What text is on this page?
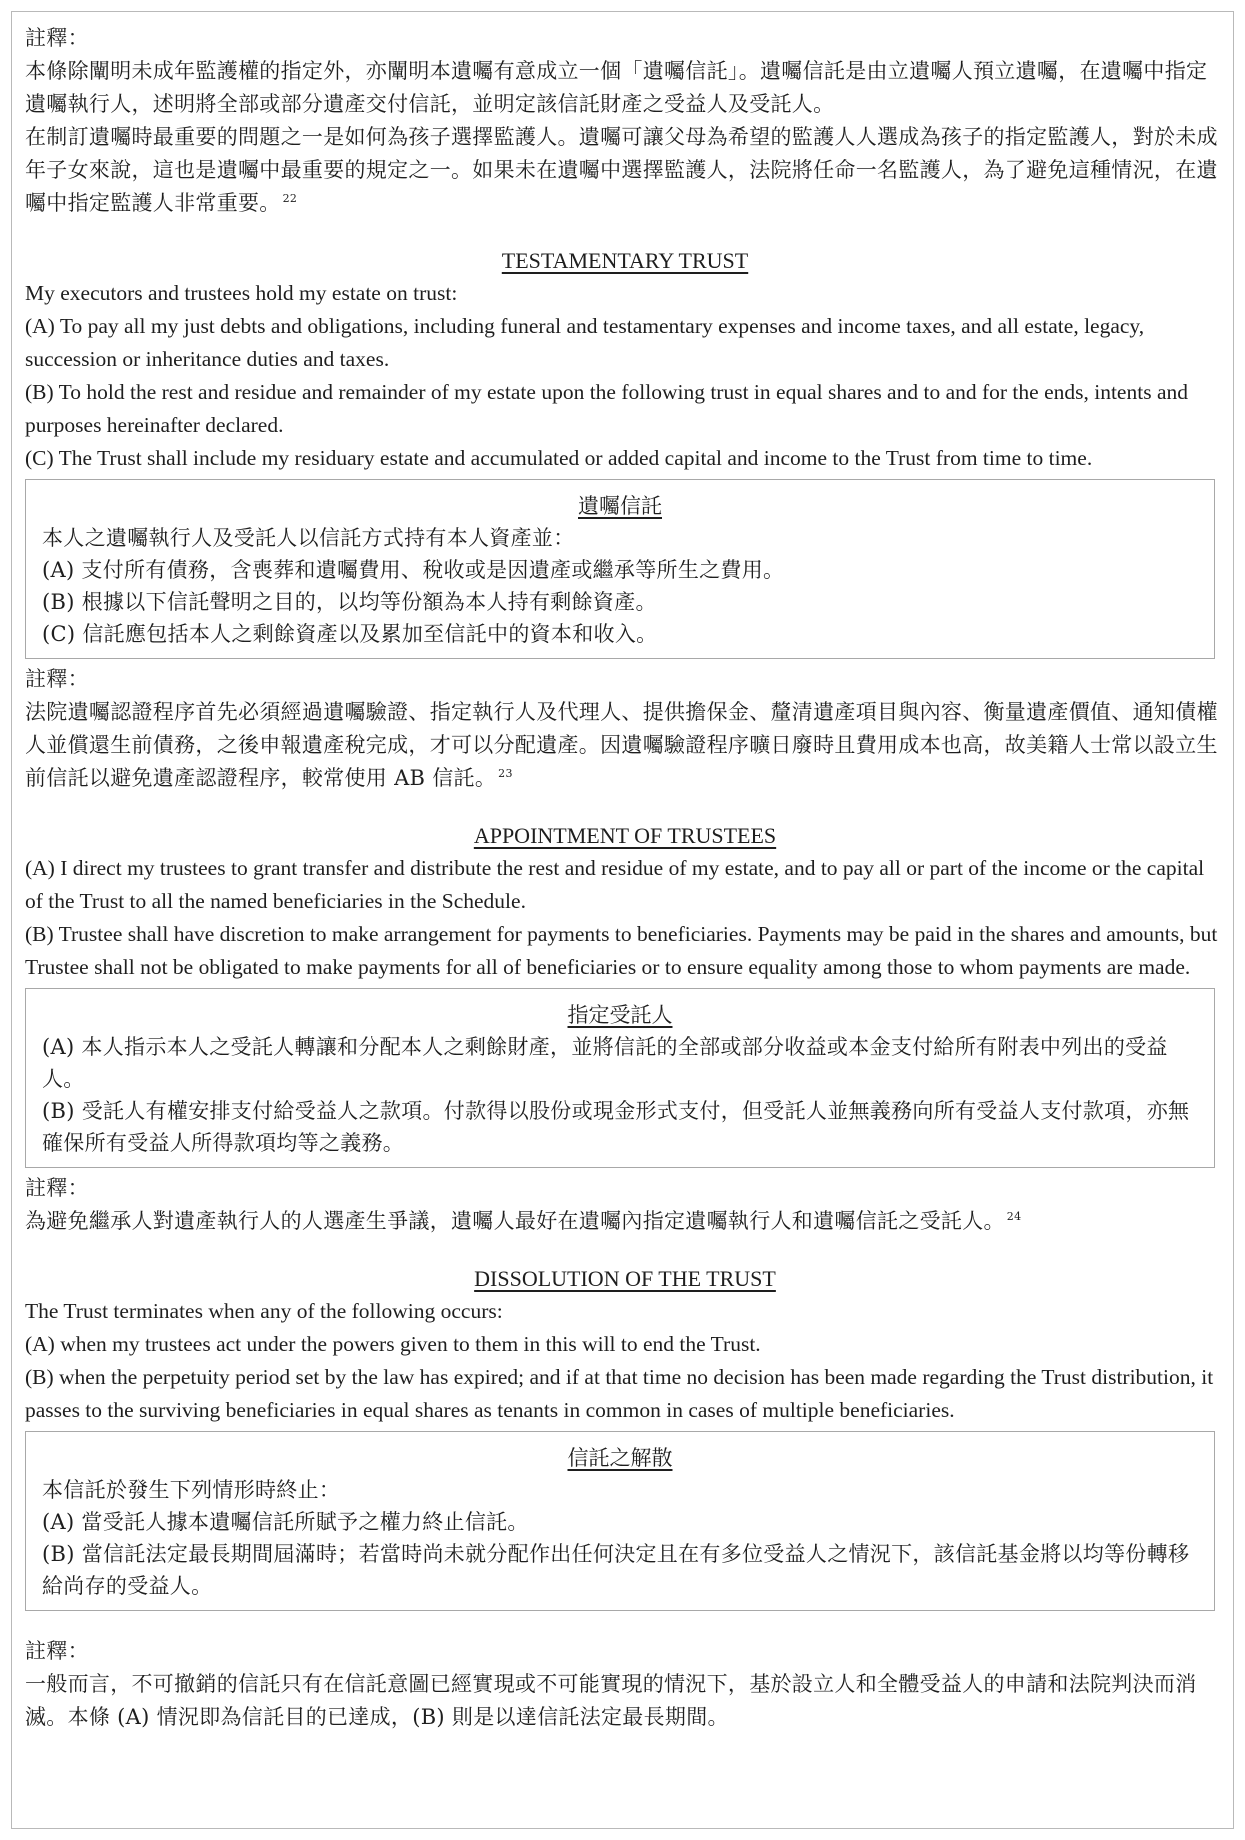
註釋：

本條除闡明未成年監護權的指定外，亦闡明本遺囑有意成立一個「遺囑信託」。遺囑信託是由立遺囑人預立遺囑，在遺囑中指定遺囑執行人，述明將全部或部分遺產交付信託，並明定該信託財產之受益人及受託人。

在制訂遺囑時最重要的問題之一是如何為孩子選擇監護人。遺囑可讓父母為希望的監護人人選成為孩子的指定監護人，對於未成年子女來說，這也是遺囑中最重要的規定之一。如果未在遺囑中選擇監護人，法院將任命一名監護人，為了避免這種情況，在遺囑中指定監護人非常重要。 $^{22}$

TESTAMENTARY TRUST

My executors and trustees hold my estate on trust:

(A) To pay all my just debts and obligations, including funeral and testamentary expenses and income taxes, and all estate, legacy, succession or inheritance duties and taxes.

(B) To hold the rest and residue and remainder of my estate upon the following trust in equal shares and to and for the ends, intents and purposes hereinafter declared.

(C) The Trust shall include my residuary estate and accumulated or added capital and income to the Trust from time to time.

遺囑信託

本人之遺囑執行人及受託人以信託方式持有本人資產並：

(A) 支付所有債務，含喪葬和遺囑費用、稅收或是因遺產或繼承等所生之費用。

(B) 根據以下信託聲明之目的，以均等份額為本人持有剩餘資產。

(C) 信託應包括本人之剩餘資產以及累加至信託中的資本和收入。

註釋：

法院遺囑認證程序首先必須經過遺囑驗證、指定執行人及代理人、提供擔保金、釐清遺產項目與內容、衡量遺產價值、通知債權人並償還生前債務，之後申報遺產稅完成，才可以分配遺產。因遺囑驗證程序曠日廢時且費用成本也高，故美籍人士常以設立生前信託以避免遺產認證程序，較常使用 AB 信託。 $^{23}$

APPOINTMENT OF TRUSTEES

(A) I direct my trustees to grant transfer and distribute the rest and residue of my estate, and to pay all or part of the income or the capital of the Trust to all the named beneficiaries in the Schedule.

(B) Trustee shall have discretion to make arrangement for payments to beneficiaries. Payments may be paid in the shares and amounts, but Trustee shall not be obligated to make payments for all of beneficiaries or to ensure equality among those to whom payments are made.

指定受託人

(A) 本人指示本人之受託人轉讓和分配本人之剩餘財產，並將信託的全部或部分收益或本金支付給所有附表中列出的受益人。

(B) 受託人有權安排支付給受益人之款項。付款得以股份或現金形式支付，但受託人並無義務向所有受益人支付款項，亦無確保所有受益人所得款項均等之義務。

註釋：

為避免繼承人對遺產執行人的人選產生爭議，遺囑人最好在遺囑內指定遺囑執行人和遺囑信託之受託人。 $^{24}$

DISSOLUTION OF THE TRUST

The Trust terminates when any of the following occurs:

(A) when my trustees act under the powers given to them in this will to end the Trust.

(B) when the perpetuity period set by the law has expired; and if at that time no decision has been made regarding the Trust distribution, it passes to the surviving beneficiaries in equal shares as tenants in common in cases of multiple beneficiaries.

信託之解散

本信託於發生下列情形時終止：

(A) 當受託人據本遺囑信託所賦予之權力終止信託。

(B) 當信託法定最長期間屆滿時；若當時尚未就分配作出任何決定且在有多位受益人之情況下，該信託基金將以均等份轉移給尚存的受益人。

註釋：

一般而言，不可撤銷的信託只有在信託意圖已經實現或不可能實現的情況下，基於設立人和全體受益人的申請和法院判決而消滅。本條 (A) 情況即為信託目的已達成，(B) 則是以達信託法定最長期間。
